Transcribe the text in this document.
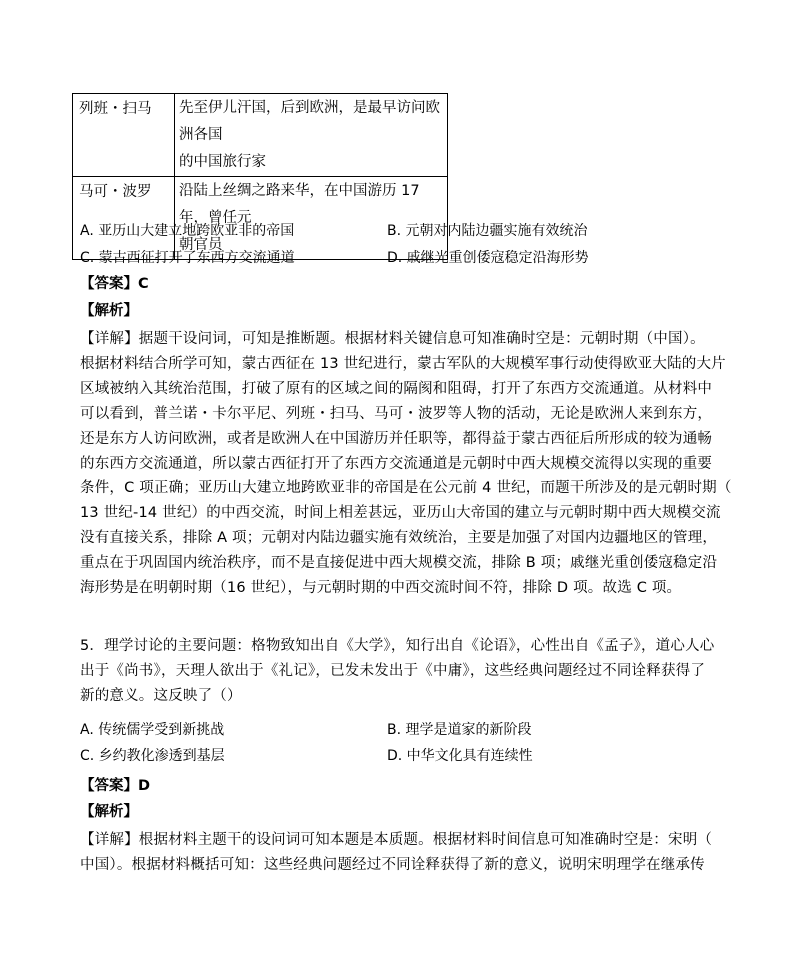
列班・扫马	先至伊儿汗国，后到欧洲，是最早访问欧洲各国
的中国旅行家

马可・波罗	沿陆上丝绸之路来华，在中国游历 17 年，曾任元
朝官员
A. 亚历山大建立地跨欧亚非的帝国	B. 元朝对内陆边疆实施有效统治
C. 蒙古西征打开了东西方交流通道	D. 戚继光重创倭寇稳定沿海形势
【答案】C
【解析】

【详解】据题干设问词，可知是推断题。根据材料关键信息可知准确时空是：元朝时期（中国）。

根据材料结合所学可知，蒙古西征在 13 世纪进行，蒙古军队的大规模军事行动使得欧亚大陆的大片

区域被纳入其统治范围，打破了原有的区域之间的隔阂和阻碍，打开了东西方交流通道。从材料中

可以看到，普兰诺・卡尔平尼、列班・扫马、马可・波罗等人物的活动，无论是欧洲人来到东方，

还是东方人访问欧洲，或者是欧洲人在中国游历并任职等，都得益于蒙古西征后所形成的较为通畅

的东西方交流通道，所以蒙古西征打开了东西方交流通道是元朝时中西大规模交流得以实现的重要

条件，C 项正确；亚历山大建立地跨欧亚非的帝国是在公元前 4 世纪，而题干所涉及的是元朝时期（

13 世纪-14 世纪）的中西交流，时间上相差甚远，亚历山大帝国的建立与元朝时期中西大规模交流

没有直接关系，排除 A 项；元朝对内陆边疆实施有效统治，主要是加强了对国内边疆地区的管理，

重点在于巩固国内统治秩序，而不是直接促进中西大规模交流，排除 B 项；戚继光重创倭寇稳定沿

海形势是在明朝时期（16 世纪），与元朝时期的中西交流时间不符，排除 D 项。故选 C 项。

5．理学讨论的主要问题：格物致知出自《大学》，知行出自《论语》，心性出自《孟子》，道心人心

出于《尚书》，天理人欲出于《礼记》，已发未发出于《中庸》，这些经典问题经过不同诠释获得了

新的意义。这反映了（）

A. 传统儒学受到新挑战	B. 理学是道家的新阶段
C. 乡约教化渗透到基层	D. 中华文化具有连续性
【答案】D
【解析】

【详解】根据材料主题干的设问词可知本题是本质题。根据材料时间信息可知准确时空是：宋明（

中国）。根据材料概括可知：这些经典问题经过不同诠释获得了新的意义，说明宋明理学在继承传
